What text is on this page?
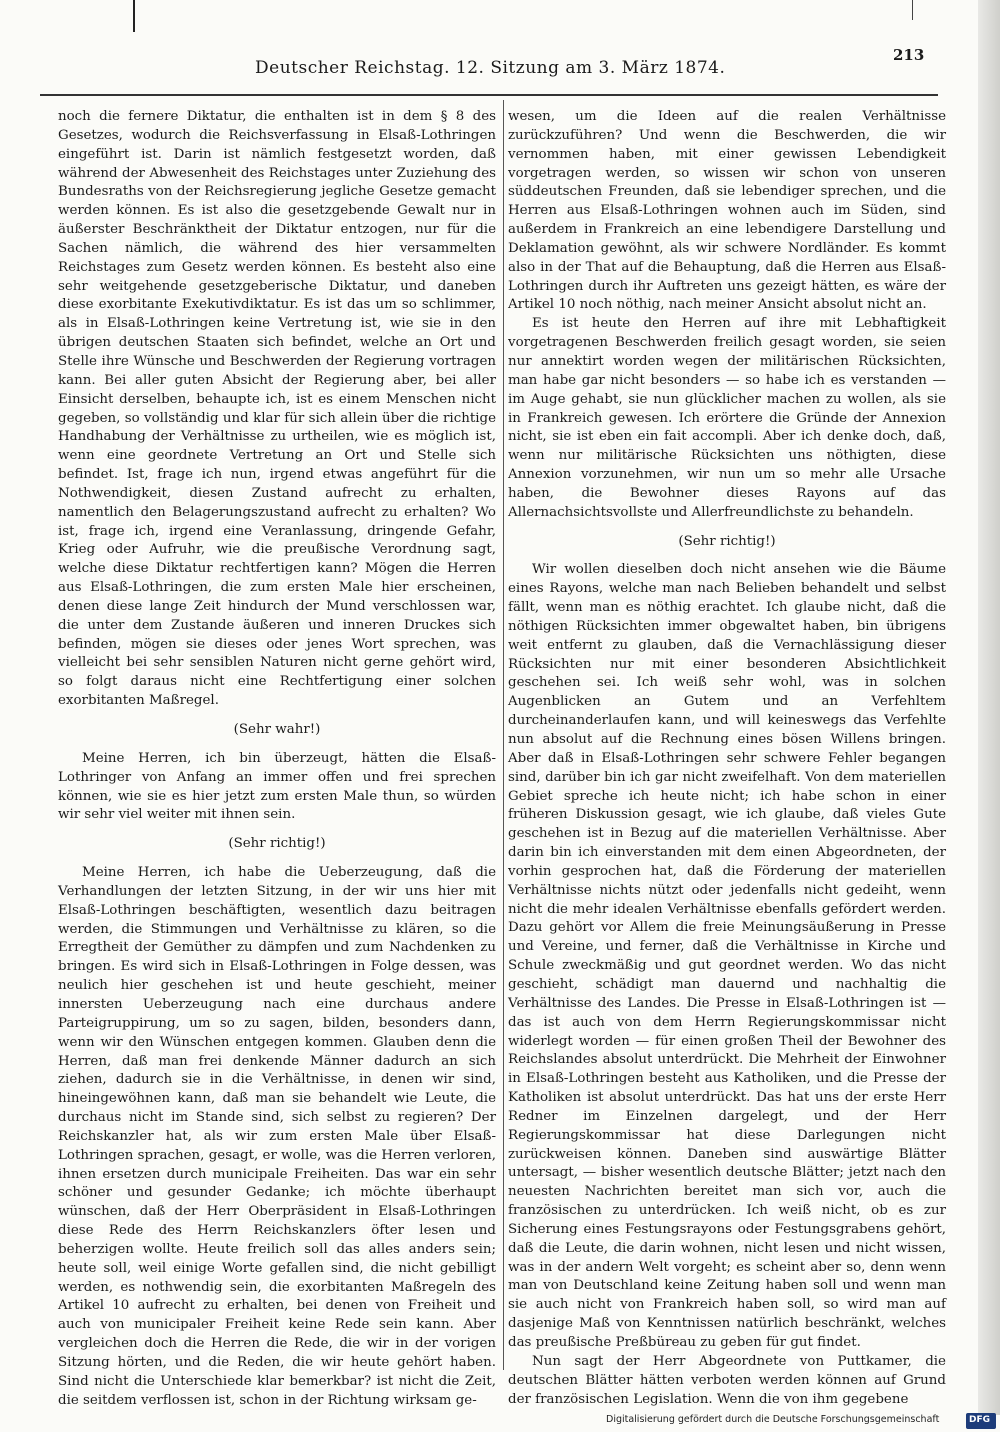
Deutscher Reichstag. 12. Sitzung am 3. März 1874.
213

noch die fernere Diktatur, die enthalten ist in dem § 8 des Gesetzes, wodurch die Reichsverfassung in Elsaß-Lothringen eingeführt ist. Darin ist nämlich festgesetzt worden, daß während der Abwesenheit des Reichstages unter Zuziehung des Bundesraths von der Reichsregierung jegliche Gesetze gemacht werden können. Es ist also die gesetzgebende Gewalt nur in äußerster Beschränktheit der Diktatur entzogen, nur für die Sachen nämlich, die während des hier versammelten Reichstages zum Gesetz werden können. Es besteht also eine sehr weitgehende gesetzgeberische Diktatur, und daneben diese exorbitante Exekutivdiktatur. Es ist das um so schlimmer, als in Elsaß-Lothringen keine Vertretung ist, wie sie in den übrigen deutschen Staaten sich befindet, welche an Ort und Stelle ihre Wünsche und Beschwerden der Regierung vortragen kann. Bei aller guten Absicht der Regierung aber, bei aller Einsicht derselben, behaupte ich, ist es einem Menschen nicht gegeben, so vollständig und klar für sich allein über die richtige Handhabung der Verhältnisse zu urtheilen, wie es möglich ist, wenn eine geordnete Vertretung an Ort und Stelle sich befindet. Ist, frage ich nun, irgend etwas angeführt für die Nothwendigkeit, diesen Zustand aufrecht zu erhalten, namentlich den Belagerungszustand aufrecht zu erhalten? Wo ist, frage ich, irgend eine Veranlassung, dringende Gefahr, Krieg oder Aufruhr, wie die preußische Verordnung sagt, welche diese Diktatur rechtfertigen kann? Mögen die Herren aus Elsaß-Lothringen, die zum ersten Male hier erscheinen, denen diese lange Zeit hindurch der Mund verschlossen war, die unter dem Zustande äußeren und inneren Druckes sich befinden, mögen sie dieses oder jenes Wort sprechen, was vielleicht bei sehr sensiblen Naturen nicht gerne gehört wird, so folgt daraus nicht eine Rechtfertigung einer solchen exorbitanten Maßregel.

(Sehr wahr!)

Meine Herren, ich bin überzeugt, hätten die Elsaß-Lothringer von Anfang an immer offen und frei sprechen können, wie sie es hier jetzt zum ersten Male thun, so würden wir sehr viel weiter mit ihnen sein.

(Sehr richtig!)

Meine Herren, ich habe die Ueberzeugung, daß die Verhandlungen der letzten Sitzung, in der wir uns hier mit Elsaß-Lothringen beschäftigten, wesentlich dazu beitragen werden, die Stimmungen und Verhältnisse zu klären, so die Erregtheit der Gemüther zu dämpfen und zum Nachdenken zu bringen. Es wird sich in Elsaß-Lothringen in Folge dessen, was neulich hier geschehen ist und heute geschieht, meiner innersten Ueberzeugung nach eine durchaus andere Parteigruppirung, um so zu sagen, bilden, besonders dann, wenn wir den Wünschen entgegen kommen. Glauben denn die Herren, daß man frei denkende Männer dadurch an sich ziehen, dadurch sie in die Verhältnisse, in denen wir sind, hineingewöhnen kann, daß man sie behandelt wie Leute, die durchaus nicht im Stande sind, sich selbst zu regieren? Der Reichskanzler hat, als wir zum ersten Male über Elsaß-Lothringen sprachen, gesagt, er wolle, was die Herren verloren, ihnen ersetzen durch municipale Freiheiten. Das war ein sehr schöner und gesunder Gedanke; ich möchte überhaupt wünschen, daß der Herr Oberpräsident in Elsaß-Lothringen diese Rede des Herrn Reichskanzlers öfter lesen und beherzigen wollte. Heute freilich soll das alles anders sein; heute soll, weil einige Worte gefallen sind, die nicht gebilligt werden, es nothwendig sein, die exorbitanten Maßregeln des Artikel 10 aufrecht zu erhalten, bei denen von Freiheit und auch von municipaler Freiheit keine Rede sein kann. Aber vergleichen doch die Herren die Rede, die wir in der vorigen Sitzung hörten, und die Reden, die wir heute gehört haben. Sind nicht die Unterschiede klar bemerkbar? ist nicht die Zeit, die seitdem verflossen ist, schon in der Richtung wirksam ge-

wesen, um die Ideen auf die realen Verhältnisse zurückzuführen? Und wenn die Beschwerden, die wir vernommen haben, mit einer gewissen Lebendigkeit vorgetragen werden, so wissen wir schon von unseren süddeutschen Freunden, daß sie lebendiger sprechen, und die Herren aus Elsaß-Lothringen wohnen auch im Süden, sind außerdem in Frankreich an eine lebendigere Darstellung und Deklamation gewöhnt, als wir schwere Nordländer. Es kommt also in der That auf die Behauptung, daß die Herren aus Elsaß-Lothringen durch ihr Auftreten uns gezeigt hätten, es wäre der Artikel 10 noch nöthig, nach meiner Ansicht absolut nicht an.

Es ist heute den Herren auf ihre mit Lebhaftigkeit vorgetragenen Beschwerden freilich gesagt worden, sie seien nur annektirt worden wegen der militärischen Rücksichten, man habe gar nicht besonders — so habe ich es verstanden — im Auge gehabt, sie nun glücklicher machen zu wollen, als sie in Frankreich gewesen. Ich erörtere die Gründe der Annexion nicht, sie ist eben ein fait accompli. Aber ich denke doch, daß, wenn nur militärische Rücksichten uns nöthigten, diese Annexion vorzunehmen, wir nun um so mehr alle Ursache haben, die Bewohner dieses Rayons auf das Allernachsichtsvollste und Allerfreundlichste zu behandeln.

(Sehr richtig!)

Wir wollen dieselben doch nicht ansehen wie die Bäume eines Rayons, welche man nach Belieben behandelt und selbst fällt, wenn man es nöthig erachtet. Ich glaube nicht, daß die nöthigen Rücksichten immer obgewaltet haben, bin übrigens weit entfernt zu glauben, daß die Vernachlässigung dieser Rücksichten nur mit einer besonderen Absichtlichkeit geschehen sei. Ich weiß sehr wohl, was in solchen Augenblicken an Gutem und an Verfehltem durcheinanderlaufen kann, und will keineswegs das Verfehlte nun absolut auf die Rechnung eines bösen Willens bringen. Aber daß in Elsaß-Lothringen sehr schwere Fehler begangen sind, darüber bin ich gar nicht zweifelhaft. Von dem materiellen Gebiet spreche ich heute nicht; ich habe schon in einer früheren Diskussion gesagt, wie ich glaube, daß vieles Gute geschehen ist in Bezug auf die materiellen Verhältnisse. Aber darin bin ich einverstanden mit dem einen Abgeordneten, der vorhin gesprochen hat, daß die Förderung der materiellen Verhältnisse nichts nützt oder jedenfalls nicht gedeiht, wenn nicht die mehr idealen Verhältnisse ebenfalls gefördert werden. Dazu gehört vor Allem die freie Meinungsäußerung in Presse und Vereine, und ferner, daß die Verhältnisse in Kirche und Schule zweckmäßig und gut geordnet werden. Wo das nicht geschieht, schädigt man dauernd und nachhaltig die Verhältnisse des Landes. Die Presse in Elsaß-Lothringen ist — das ist auch von dem Herrn Regierungskommissar nicht widerlegt worden — für einen großen Theil der Bewohner des Reichslandes absolut unterdrückt. Die Mehrheit der Einwohner in Elsaß-Lothringen besteht aus Katholiken, und die Presse der Katholiken ist absolut unterdrückt. Das hat uns der erste Herr Redner im Einzelnen dargelegt, und der Herr Regierungskommissar hat diese Darlegungen nicht zurückweisen können. Daneben sind auswärtige Blätter untersagt, — bisher wesentlich deutsche Blätter; jetzt nach den neuesten Nachrichten bereitet man sich vor, auch die französischen zu unterdrücken. Ich weiß nicht, ob es zur Sicherung eines Festungsrayons oder Festungsgrabens gehört, daß die Leute, die darin wohnen, nicht lesen und nicht wissen, was in der andern Welt vorgeht; es scheint aber so, denn wenn man von Deutschland keine Zeitung haben soll und wenn man sie auch nicht von Frankreich haben soll, so wird man auf dasjenige Maß von Kenntnissen natürlich beschränkt, welches das preußische Preßbüreau zu geben für gut findet.

Nun sagt der Herr Abgeordnete von Puttkamer, die deutschen Blätter hätten verboten werden können auf Grund der französischen Legislation. Wenn die von ihm gegebene

Digitalisierung gefördert durch die Deutsche Forschungsgemeinschaft	DFG
